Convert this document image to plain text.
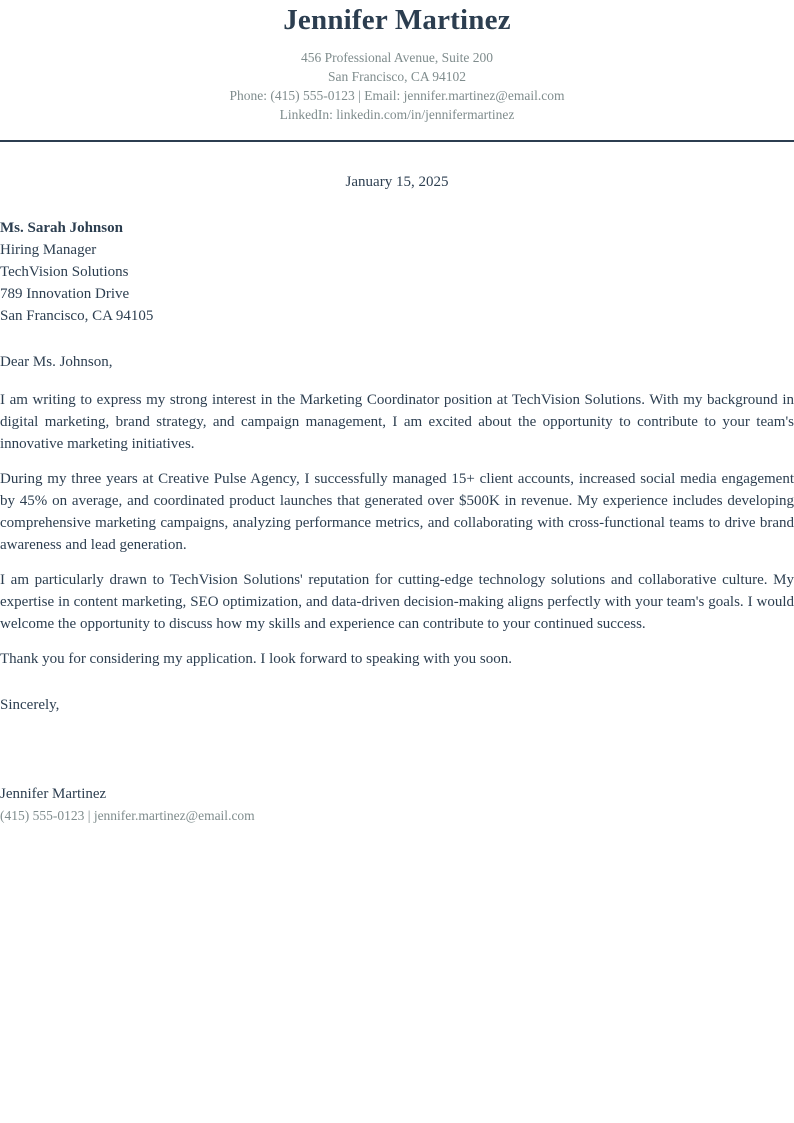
Jennifer Martinez
456 Professional Avenue, Suite 200
San Francisco, CA 94102
Phone: (415) 555-0123 | Email: jennifer.martinez@email.com
LinkedIn: linkedin.com/in/jennifermartinez
January 15, 2025
Ms. Sarah Johnson
Hiring Manager
TechVision Solutions
789 Innovation Drive
San Francisco, CA 94105
Dear Ms. Johnson,

I am writing to express my strong interest in the Marketing Coordinator position at TechVision Solutions. With my background in digital marketing, brand strategy, and campaign management, I am excited about the opportunity to contribute to your team's innovative marketing initiatives.

During my three years at Creative Pulse Agency, I successfully managed 15+ client accounts, increased social media engagement by 45% on average, and coordinated product launches that generated over $500K in revenue. My experience includes developing comprehensive marketing campaigns, analyzing performance metrics, and collaborating with cross-functional teams to drive brand awareness and lead generation.

I am particularly drawn to TechVision Solutions' reputation for cutting-edge technology solutions and collaborative culture. My expertise in content marketing, SEO optimization, and data-driven decision-making aligns perfectly with your team's goals. I would welcome the opportunity to discuss how my skills and experience can contribute to your continued success.

Thank you for considering my application. I look forward to speaking with you soon.

Sincerely,
Jennifer Martinez
(415) 555-0123 | jennifer.martinez@email.com
